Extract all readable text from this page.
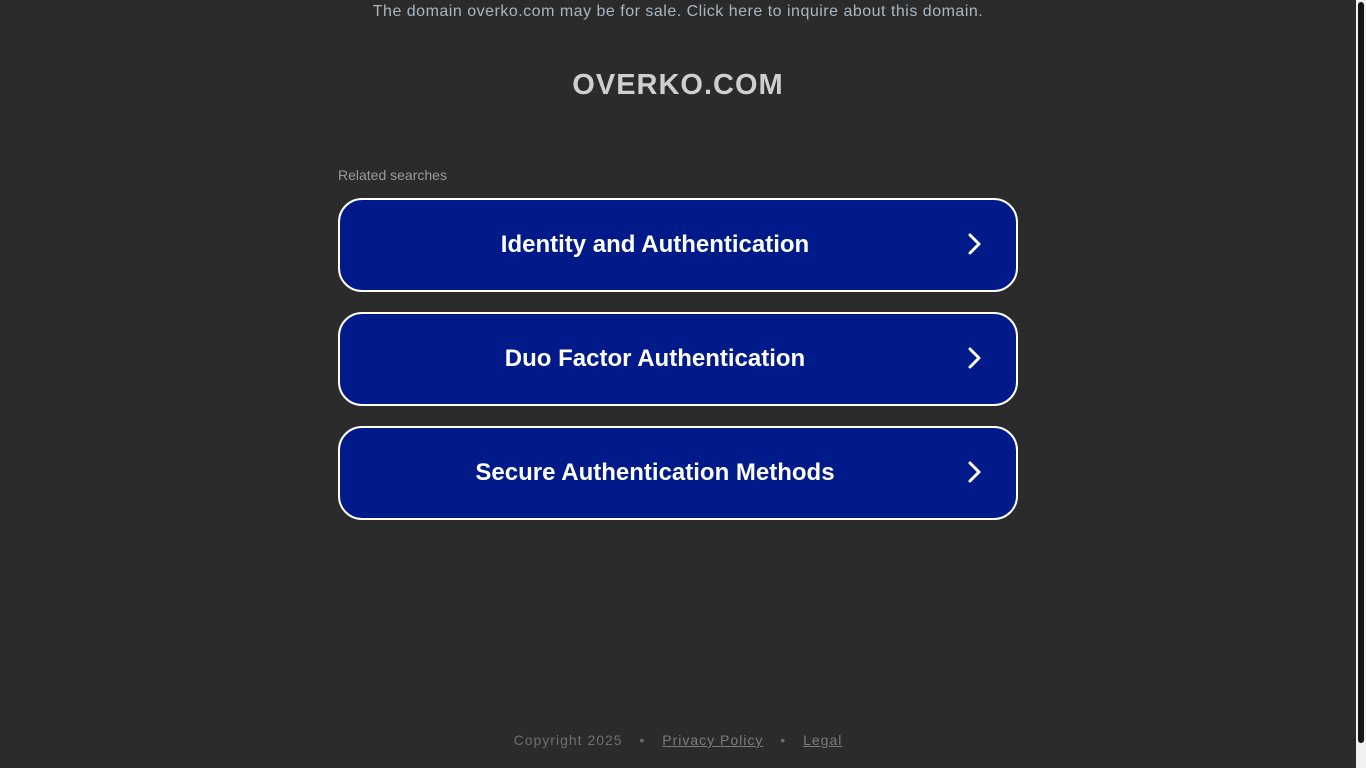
The domain overko.com may be for sale. Click here to inquire about this domain.
OVERKO.COM
Related searches
Identity and Authentication
Duo Factor Authentication
Secure Authentication Methods
Copyright 2025 • Privacy Policy • Legal
